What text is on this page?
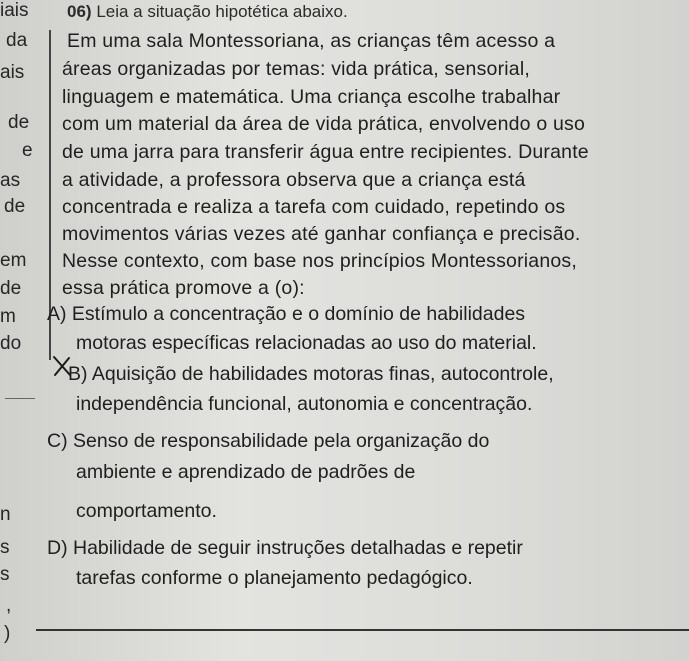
iais
da
ais
de
e
as
de
em
de
m
do
n
s
s
,
)
06) Leia a situação hipotética abaixo.
Em uma sala Montessoriana, as crianças têm acesso a
áreas organizadas por temas: vida prática, sensorial,
linguagem e matemática. Uma criança escolhe trabalhar
com um material da área de vida prática, envolvendo o uso
de uma jarra para transferir água entre recipientes. Durante
a atividade, a professora observa que a criança está
concentrada e realiza a tarefa com cuidado, repetindo os
movimentos várias vezes até ganhar confiança e precisão.
Nesse contexto, com base nos princípios Montessorianos,
essa prática promove a (o):
A) Estímulo a concentração e o domínio de habilidades
motoras específicas relacionadas ao uso do material.
B) Aquisição de habilidades motoras finas, autocontrole,
independência funcional, autonomia e concentração.
C) Senso de responsabilidade pela organização do
ambiente e aprendizado de padrões de
comportamento.
D) Habilidade de seguir instruções detalhadas e repetir
tarefas conforme o planejamento pedagógico.
